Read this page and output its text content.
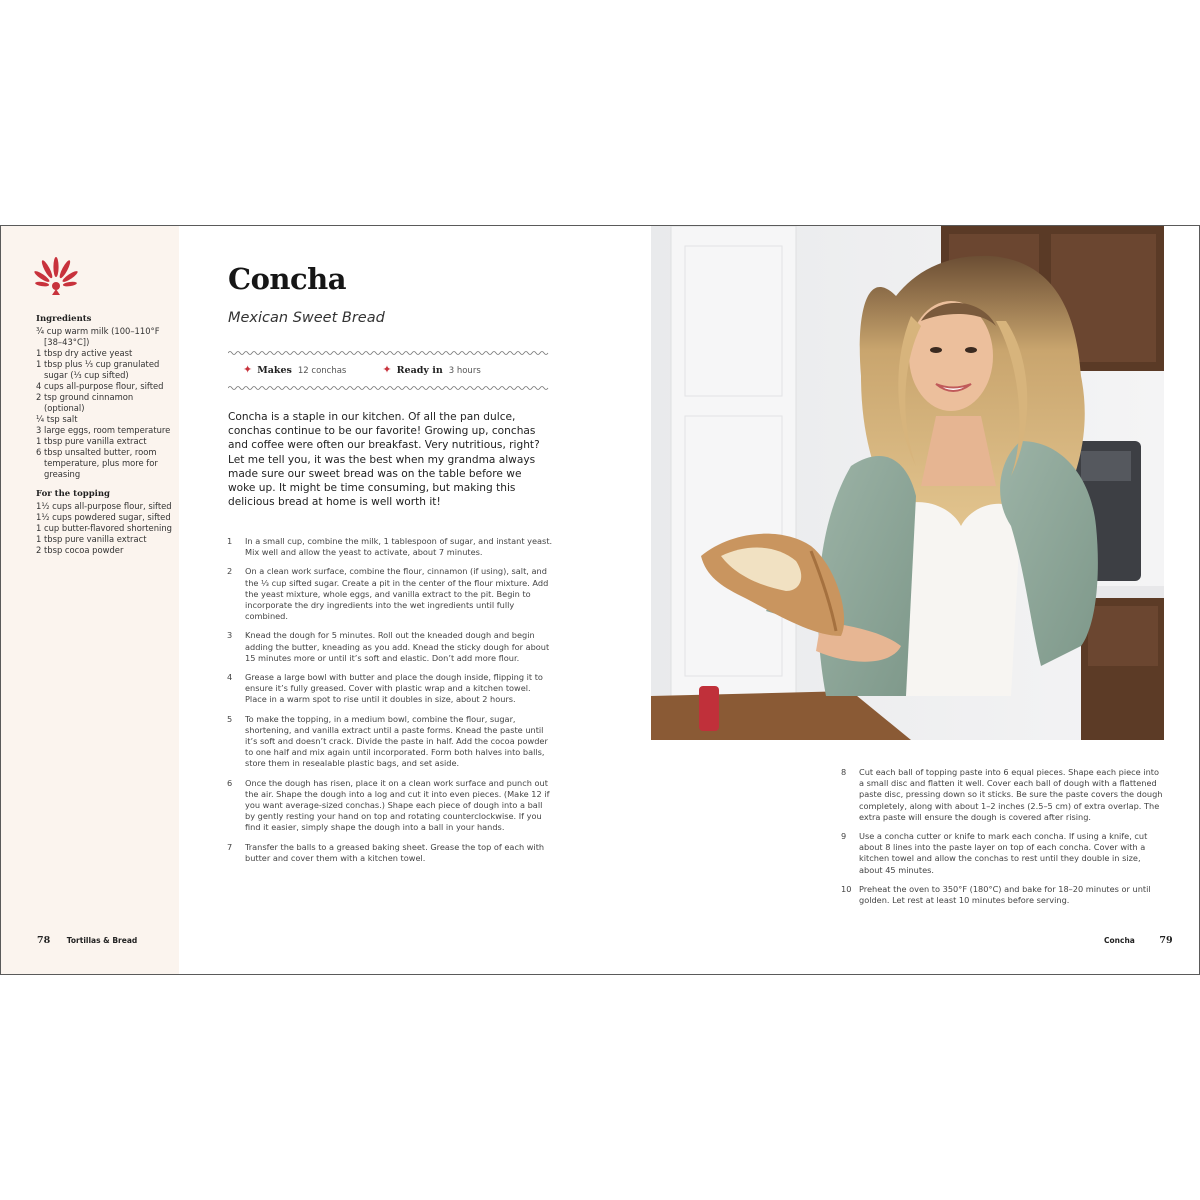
Ingredients
¾ cup warm milk (100–110°F [38–43°C])
1 tbsp dry active yeast
1 tbsp plus ⅓ cup granulated sugar (⅓ cup sifted)
4 cups all-purpose flour, sifted
2 tsp ground cinnamon (optional)
¼ tsp salt
3 large eggs, room temperature
1 tbsp pure vanilla extract
6 tbsp unsalted butter, room temperature, plus more for greasing
For the topping
1½ cups all-purpose flour, sifted
1½ cups powdered sugar, sifted
1 cup butter-flavored shortening
1 tbsp pure vanilla extract
2 tbsp cocoa powder
78 Tortillas & Bread
Concha
Mexican Sweet Bread
✦ Makes 12 conchas	✦ Ready in 3 hours

Concha is a staple in our kitchen. Of all the pan dulce, conchas continue to be our favorite! Growing up, conchas and coffee were often our breakfast. Very nutritious, right? Let me tell you, it was the best when my grandma always made sure our sweet bread was on the table before we woke up. It might be time consuming, but making this delicious bread at home is well worth it!

1	In a small cup, combine the milk, 1 tablespoon of sugar, and instant yeast. Mix well and allow the yeast to activate, about 7 minutes.
2	On a clean work surface, combine the flour, cinnamon (if using), salt, and the ⅓ cup sifted sugar. Create a pit in the center of the flour mixture. Add the yeast mixture, whole eggs, and vanilla extract to the pit. Begin to incorporate the dry ingredients into the wet ingredients until fully combined.
3	Knead the dough for 5 minutes. Roll out the kneaded dough and begin adding the butter, kneading as you add. Knead the sticky dough for about 15 minutes more or until it’s soft and elastic. Don’t add more flour.
4	Grease a large bowl with butter and place the dough inside, flipping it to ensure it’s fully greased. Cover with plastic wrap and a kitchen towel. Place in a warm spot to rise until it doubles in size, about 2 hours.
5	To make the topping, in a medium bowl, combine the flour, sugar, shortening, and vanilla extract until a paste forms. Knead the paste until it’s soft and doesn’t crack. Divide the paste in half. Add the cocoa powder to one half and mix again until incorporated. Form both halves into balls, store them in resealable plastic bags, and set aside.
6	Once the dough has risen, place it on a clean work surface and punch out the air. Shape the dough into a log and cut it into even pieces. (Make 12 if you want average-sized conchas.) Shape each piece of dough into a ball by gently resting your hand on top and rotating counterclockwise. If you find it easier, simply shape the dough into a ball in your hands.
7	Transfer the balls to a greased baking sheet. Grease the top of each with butter and cover them with a kitchen towel.
8	Cut each ball of topping paste into 6 equal pieces. Shape each piece into a small disc and flatten it well. Cover each ball of dough with a flattened paste disc, pressing down so it sticks. Be sure the paste covers the dough completely, along with about 1–2 inches (2.5–5 cm) of extra overlap. The extra paste will ensure the dough is covered after rising.
9	Use a concha cutter or knife to mark each concha. If using a knife, cut about 8 lines into the paste layer on top of each concha. Cover with a kitchen towel and allow the conchas to rest until they double in size, about 45 minutes.
10 Preheat the oven to 350°F (180°C) and bake for 18–20 minutes or until golden. Let rest at least 10 minutes before serving.
Concha	79
